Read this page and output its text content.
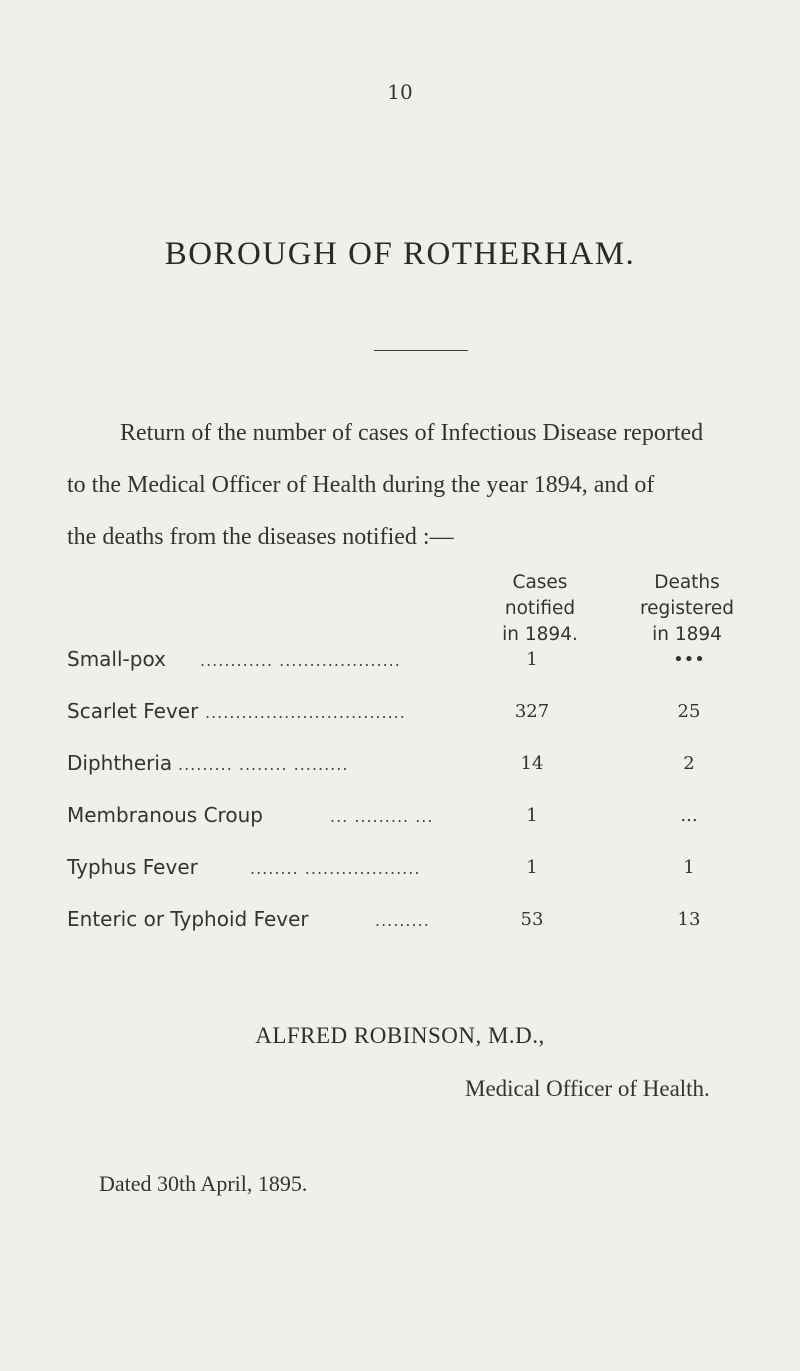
10
BOROUGH OF ROTHERHAM.
Return of the number of cases of Infectious Disease reported
to the Medical Officer of Health during the year 1894, and of
the deaths from the diseases notified :—
Cases
notified
in 1894.
Deaths
registered
in 1894
Small-pox ............ ....................	1	•••
Scarlet Fever .................................	327	25
Diphtheria ......... ........ .........	14	2
Membranous Croup	... ......... ...	1	...
Typhus Fever	........ ...................	1	1
Enteric or Typhoid Fever	.........	53	13
ALFRED ROBINSON, M.D.,
Medical Officer of Health.
Dated 30th April, 1895.
